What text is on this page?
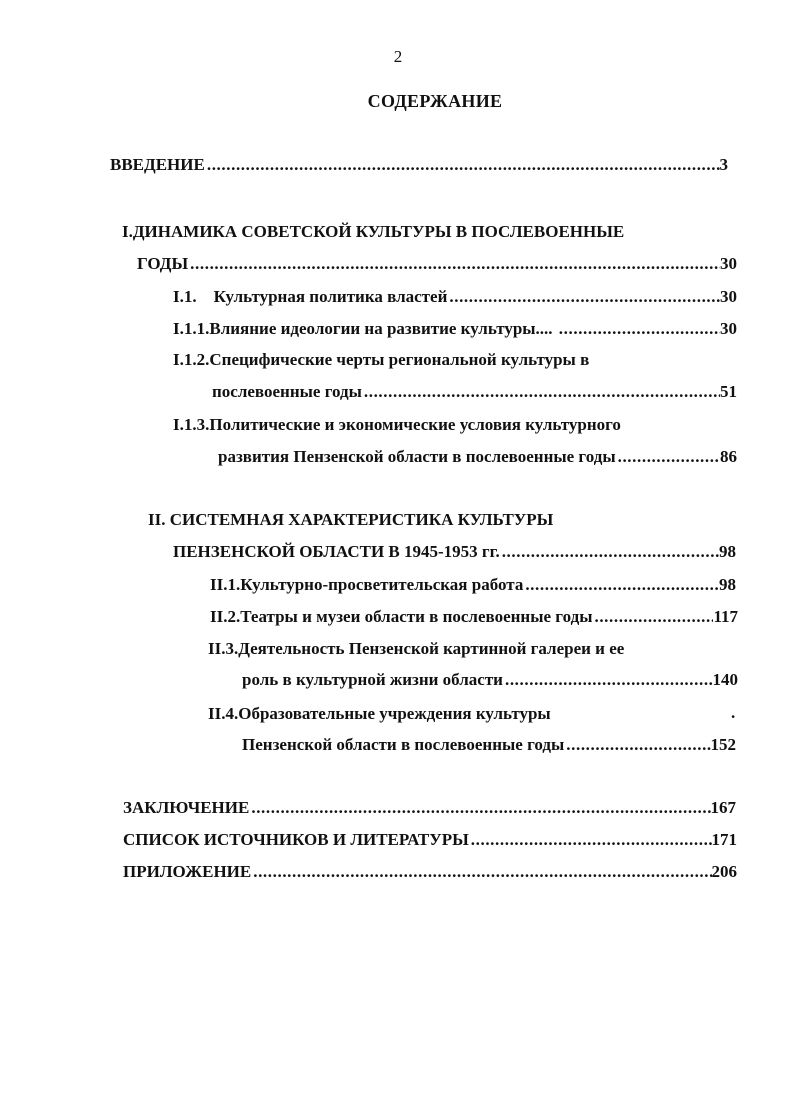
2
СОДЕРЖАНИЕ
ВВЕДЕНИЕ .....	3
I.ДИНАМИКА СОВЕТСКОЙ КУЛЬТУРЫ В ПОСЛЕВОЕННЫЕ
ГОДЫ .....	30
I.1.    Культурная политика властей .....	30
I.1.1.Влияние идеологии на развитие культуры.... .....	30
I.1.2.Специфические черты региональной культуры в
послевоенные годы .....	51
I.1.3.Политические и экономические условия культурного
развития Пензенской области в послевоенные годы .....	86
II. СИСТЕМНАЯ ХАРАКТЕРИСТИКА КУЛЬТУРЫ
ПЕНЗЕНСКОЙ ОБЛАСТИ В 1945-1953 гг. .....	98
II.1.Культурно-просветительская работа .....	98
II.2.Театры и музеи области в послевоенные годы .....	117
II.3.Деятельность Пензенской картинной галереи и ее
роль в культурной жизни области .....	140
II.4.Образовательные учреждения культуры	.
Пензенской области в послевоенные годы .....	152
ЗАКЛЮЧЕНИЕ .....	167
СПИСОК ИСТОЧНИКОВ И ЛИТЕРАТУРЫ .....	171
ПРИЛОЖЕНИЕ .....	206
